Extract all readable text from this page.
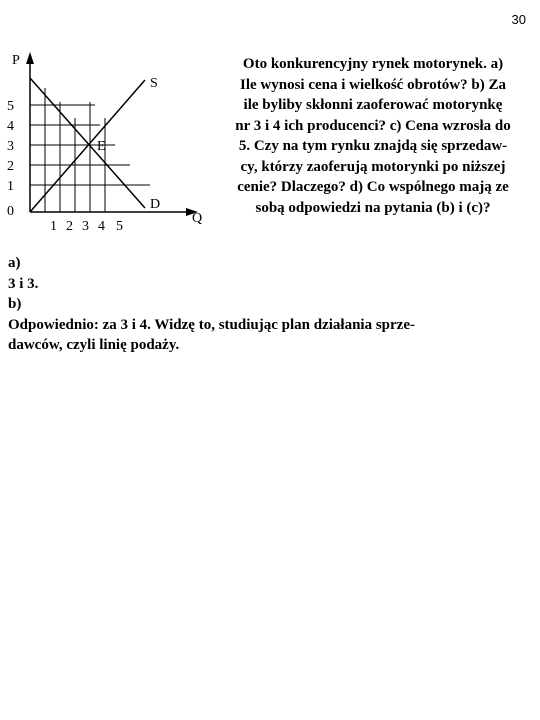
30
P
S
D
E
5
4
3
2
1
0
1 2 3 4 5
Q
Oto konkurencyjny rynek motorynek. a)
Ile wynosi cena i wielkość obrotów? b) Za
ile byliby skłonni zaoferować motorynkę
nr 3 i 4 ich producenci? c) Cena wzrosła do
5. Czy na tym rynku znajdą się sprzedaw-
cy, którzy zaoferują motorynki po niższej
cenie? Dlaczego? d) Co wspólnego mają ze
sobą odpowiedzi na pytania (b) i (c)?
a)
3 i 3.
b)
Odpowiednio: za 3 i 4. Widzę to, studiując plan działania sprze-
dawców, czyli linię podaży.
